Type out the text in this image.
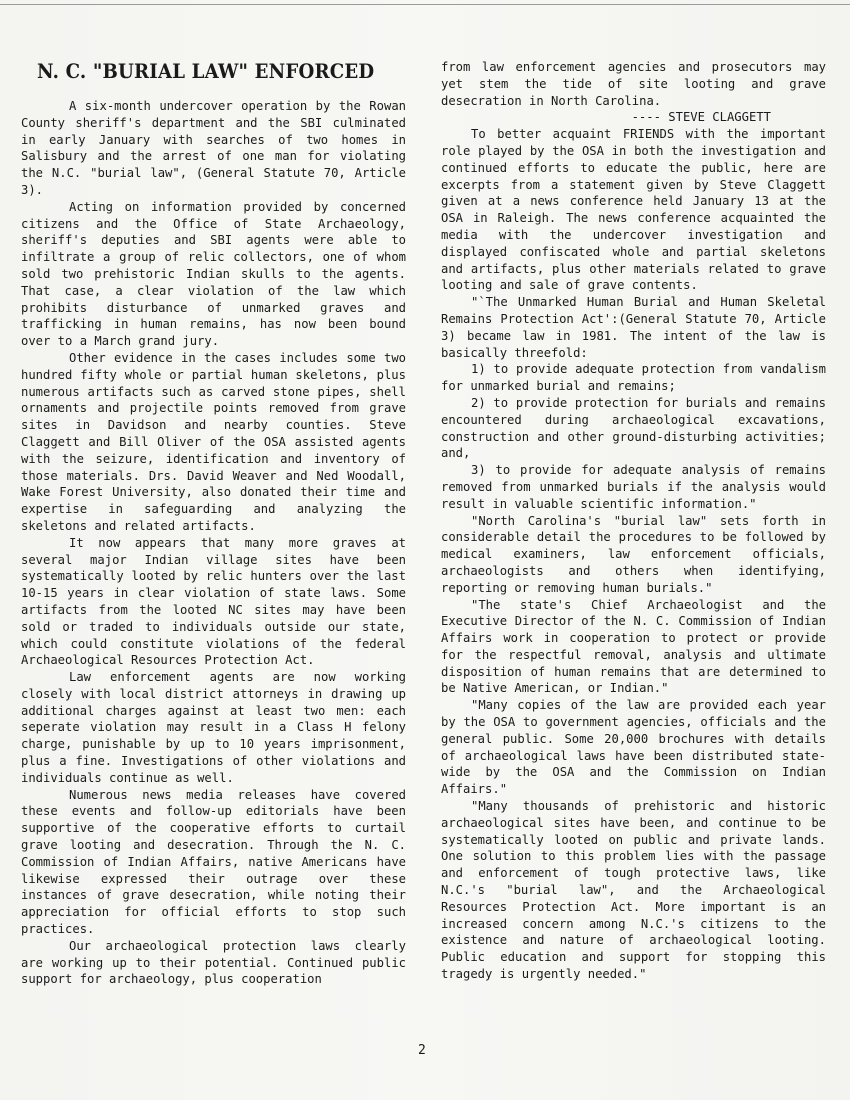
N. C. "BURIAL LAW" ENFORCED

A six-month undercover operation by the Rowan County sheriff's department and the SBI culminated in early January with searches of two homes in Salisbury and the arrest of one man for violating the N.C. "burial law", (General Statute 70, Article 3).

Acting on information provided by concerned citizens and the Office of State Archaeology, sheriff's deputies and SBI agents were able to infiltrate a group of relic collectors, one of whom sold two prehistoric Indian skulls to the agents. That case, a clear violation of the law which prohibits disturbance of unmarked graves and trafficking in human remains, has now been bound over to a March grand jury.

Other evidence in the cases includes some two hundred fifty whole or partial human skeletons, plus numerous artifacts such as carved stone pipes, shell ornaments and projectile points removed from grave sites in Davidson and nearby counties. Steve Claggett and Bill Oliver of the OSA assisted agents with the seizure, identification and inventory of those materials. Drs. David Weaver and Ned Woodall, Wake Forest University, also donated their time and expertise in safeguarding and analyzing the skeletons and related artifacts.

It now appears that many more graves at several major Indian village sites have been systematically looted by relic hunters over the last 10-15 years in clear violation of state laws. Some artifacts from the looted NC sites may have been sold or traded to individuals outside our state, which could constitute violations of the federal Archaeological Resources Protection Act.

Law enforcement agents are now working closely with local district attorneys in drawing up additional charges against at least two men: each seperate violation may result in a Class H felony charge, punishable by up to 10 years imprisonment, plus a fine. Investigations of other violations and individuals continue as well.

Numerous news media releases have covered these events and follow-up editorials have been supportive of the cooperative efforts to curtail grave looting and desecration. Through the N. C. Commission of Indian Affairs, native Americans have likewise expressed their outrage over these instances of grave desecration, while noting their appreciation for official efforts to stop such practices.

Our archaeological protection laws clearly are working up to their potential. Continued public support for archaeology, plus cooperation

from law enforcement agencies and prosecutors may yet stem the tide of site looting and grave desecration in North Carolina.

---- STEVE CLAGGETT

To better acquaint FRIENDS with the important role played by the OSA in both the investigation and continued efforts to educate the public, here are excerpts from a statement given by Steve Claggett given at a news conference held January 13 at the OSA in Raleigh. The news conference acquainted the media with the undercover investigation and displayed confiscated whole and partial skeletons and artifacts, plus other materials related to grave looting and sale of grave contents.

"`The Unmarked Human Burial and Human Skeletal Remains Protection Act':(General Statute 70, Article 3) became law in 1981. The intent of the law is basically threefold:

1) to provide adequate protection from vandalism for unmarked burial and remains;

2) to provide protection for burials and remains encountered during archaeological excavations, construction and other ground-disturbing activities; and,

3) to provide for adequate analysis of remains removed from unmarked burials if the analysis would result in valuable scientific information."

"North Carolina's "burial law" sets forth in considerable detail the procedures to be followed by medical examiners, law enforcement officials, archaeologists and others when identifying, reporting or removing human burials."

"The state's Chief Archaeologist and the Executive Director of the N. C. Commission of Indian Affairs work in cooperation to protect or provide for the respectful removal, analysis and ultimate disposition of human remains that are determined to be Native American, or Indian."

"Many copies of the law are provided each year by the OSA to government agencies, officials and the general public. Some 20,000 brochures with details of archaeological laws have been distributed state-wide by the OSA and the Commission on Indian Affairs."

"Many thousands of prehistoric and historic archaeological sites have been, and continue to be systematically looted on public and private lands. One solution to this problem lies with the passage and enforcement of tough protective laws, like N.C.'s "burial law", and the Archaeological Resources Protection Act. More important is an increased concern among N.C.'s citizens to the existence and nature of archaeological looting. Public education and support for stopping this tragedy is urgently needed."

2
